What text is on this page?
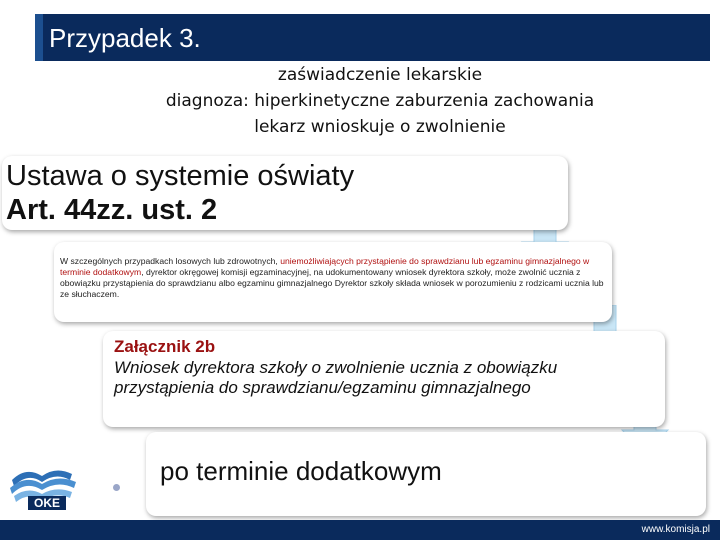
Przypadek 3.
zaświadczenie lekarskie
diagnoza: hiperkinetyczne zaburzenia zachowania
lekarz wnioskuje o zwolnienie
Ustawa o systemie oświaty
Art. 44zz. ust. 2
W szczególnych przypadkach losowych lub zdrowotnych, uniemożliwiających przystąpienie do sprawdzianu lub egzaminu gimnazjalnego w terminie dodatkowym, dyrektor okręgowej komisji egzaminacyjnej, na udokumentowany wniosek dyrektora szkoły, może zwolnić ucznia z obowiązku przystąpienia do sprawdzianu albo egzaminu gimnazjalnego Dyrektor szkoły składa wniosek w porozumieniu z rodzicami ucznia lub ze słuchaczem.
Załącznik 2b
Wniosek dyrektora szkoły o zwolnienie ucznia z obowiązku przystąpienia do sprawdzianu/egzaminu gimnazjalnego
po terminie dodatkowym
OKE
www.komisja.pl
